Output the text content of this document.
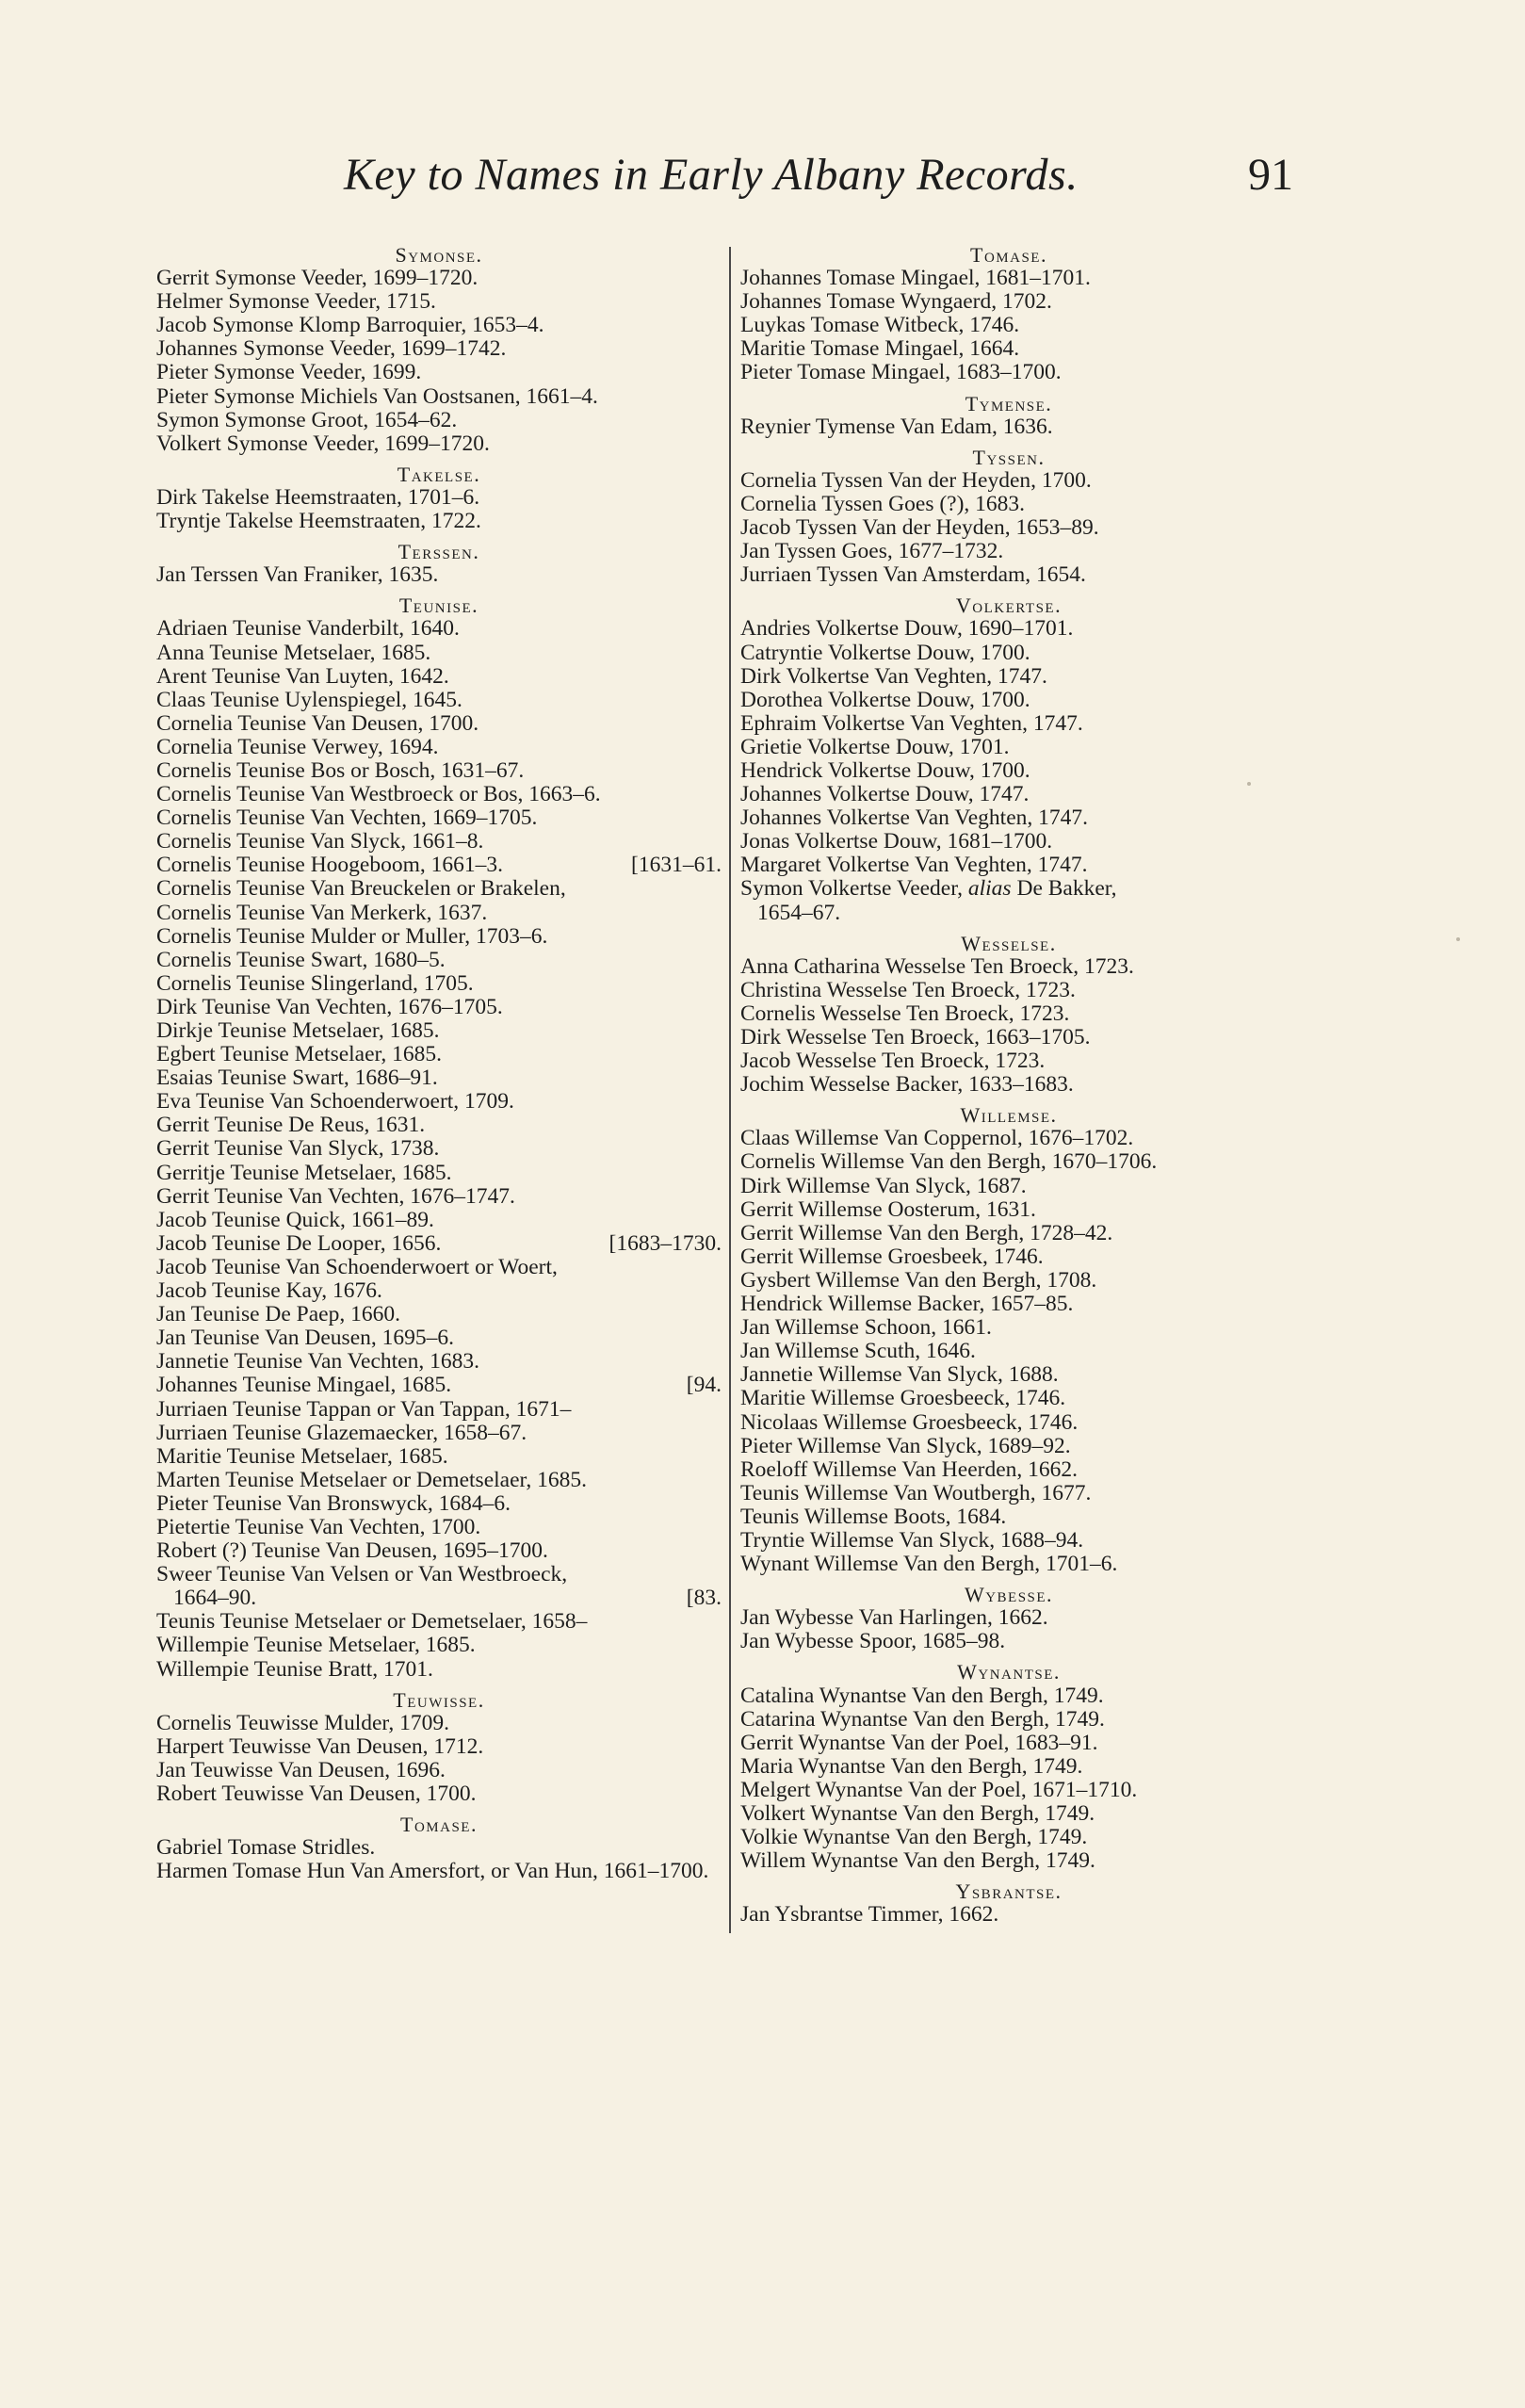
Key to Names in Early Albany Records.	91
Symonse.
Gerrit Symonse Veeder, 1699–1720.
Helmer Symonse Veeder, 1715.
Jacob Symonse Klomp Barroquier, 1653–4.
Johannes Symonse Veeder, 1699–1742.
Pieter Symonse Veeder, 1699.
Pieter Symonse Michiels Van Oostsanen, 1661–4.
Symon Symonse Groot, 1654–62.
Volkert Symonse Veeder, 1699–1720.
Takelse.
Dirk Takelse Heemstraaten, 1701–6.
Tryntje Takelse Heemstraaten, 1722.
Terssen.
Jan Terssen Van Franiker, 1635.
Teunise.
Adriaen Teunise Vanderbilt, 1640.
Anna Teunise Metselaer, 1685.
Arent Teunise Van Luyten, 1642.
Claas Teunise Uylenspiegel, 1645.
Cornelia Teunise Van Deusen, 1700.
Cornelia Teunise Verwey, 1694.
Cornelis Teunise Bos or Bosch, 1631–67.
Cornelis Teunise Van Westbroeck or Bos, 1663–6.
Cornelis Teunise Van Vechten, 1669–1705.
Cornelis Teunise Van Slyck, 1661–8.
[1631–61.
Cornelis Teunise Hoogeboom, 1661–3.
Cornelis Teunise Van Breuckelen or Brakelen,
Cornelis Teunise Van Merkerk, 1637.
Cornelis Teunise Mulder or Muller, 1703–6.
Cornelis Teunise Swart, 1680–5.
Cornelis Teunise Slingerland, 1705.
Dirk Teunise Van Vechten, 1676–1705.
Dirkje Teunise Metselaer, 1685.
Egbert Teunise Metselaer, 1685.
Esaias Teunise Swart, 1686–91.
Eva Teunise Van Schoenderwoert, 1709.
Gerrit Teunise De Reus, 1631.
Gerrit Teunise Van Slyck, 1738.
Gerritje Teunise Metselaer, 1685.
Gerrit Teunise Van Vechten, 1676–1747.
Jacob Teunise Quick, 1661–89.
[1683–1730.
Jacob Teunise De Looper, 1656.
Jacob Teunise Van Schoenderwoert or Woert,
Jacob Teunise Kay, 1676.
Jan Teunise De Paep, 1660.
Jan Teunise Van Deusen, 1695–6.
Jannetie Teunise Van Vechten, 1683.
[94.
Johannes Teunise Mingael, 1685.
Jurriaen Teunise Tappan or Van Tappan, 1671–
Jurriaen Teunise Glazemaecker, 1658–67.
Maritie Teunise Metselaer, 1685.
Marten Teunise Metselaer or Demetselaer, 1685.
Pieter Teunise Van Bronswyck, 1684–6.
Pietertie Teunise Van Vechten, 1700.
Robert (?) Teunise Van Deusen, 1695–1700.
Sweer Teunise Van Velsen or Van Westbroeck,
[83.
1664–90.
Teunis Teunise Metselaer or Demetselaer, 1658–
Willempie Teunise Metselaer, 1685.
Willempie Teunise Bratt, 1701.
Teuwisse.
Cornelis Teuwisse Mulder, 1709.
Harpert Teuwisse Van Deusen, 1712.
Jan Teuwisse Van Deusen, 1696.
Robert Teuwisse Van Deusen, 1700.
Tomase.
Gabriel Tomase Stridles.
Harmen Tomase Hun Van Amersfort, or Van Hun, 1661–1700.
Tomase.
Johannes Tomase Mingael, 1681–1701.
Johannes Tomase Wyngaerd, 1702.
Luykas Tomase Witbeck, 1746.
Maritie Tomase Mingael, 1664.
Pieter Tomase Mingael, 1683–1700.
Tymense.
Reynier Tymense Van Edam, 1636.
Tyssen.
Cornelia Tyssen Van der Heyden, 1700.
Cornelia Tyssen Goes (?), 1683.
Jacob Tyssen Van der Heyden, 1653–89.
Jan Tyssen Goes, 1677–1732.
Jurriaen Tyssen Van Amsterdam, 1654.
Volkertse.
Andries Volkertse Douw, 1690–1701.
Catryntie Volkertse Douw, 1700.
Dirk Volkertse Van Veghten, 1747.
Dorothea Volkertse Douw, 1700.
Ephraim Volkertse Van Veghten, 1747.
Grietie Volkertse Douw, 1701.
Hendrick Volkertse Douw, 1700.
Johannes Volkertse Douw, 1747.
Johannes Volkertse Van Veghten, 1747.
Jonas Volkertse Douw, 1681–1700.
Margaret Volkertse Van Veghten, 1747.
Symon Volkertse Veeder, alias De Bakker,
1654–67.
Wesselse.
Anna Catharina Wesselse Ten Broeck, 1723.
Christina Wesselse Ten Broeck, 1723.
Cornelis Wesselse Ten Broeck, 1723.
Dirk Wesselse Ten Broeck, 1663–1705.
Jacob Wesselse Ten Broeck, 1723.
Jochim Wesselse Backer, 1633–1683.
Willemse.
Claas Willemse Van Coppernol, 1676–1702.
Cornelis Willemse Van den Bergh, 1670–1706.
Dirk Willemse Van Slyck, 1687.
Gerrit Willemse Oosterum, 1631.
Gerrit Willemse Van den Bergh, 1728–42.
Gerrit Willemse Groesbeek, 1746.
Gysbert Willemse Van den Bergh, 1708.
Hendrick Willemse Backer, 1657–85.
Jan Willemse Schoon, 1661.
Jan Willemse Scuth, 1646.
Jannetie Willemse Van Slyck, 1688.
Maritie Willemse Groesbeeck, 1746.
Nicolaas Willemse Groesbeeck, 1746.
Pieter Willemse Van Slyck, 1689–92.
Roeloff Willemse Van Heerden, 1662.
Teunis Willemse Van Woutbergh, 1677.
Teunis Willemse Boots, 1684.
Tryntie Willemse Van Slyck, 1688–94.
Wynant Willemse Van den Bergh, 1701–6.
Wybesse.
Jan Wybesse Van Harlingen, 1662.
Jan Wybesse Spoor, 1685–98.
Wynantse.
Catalina Wynantse Van den Bergh, 1749.
Catarina Wynantse Van den Bergh, 1749.
Gerrit Wynantse Van der Poel, 1683–91.
Maria Wynantse Van den Bergh, 1749.
Melgert Wynantse Van der Poel, 1671–1710.
Volkert Wynantse Van den Bergh, 1749.
Volkie Wynantse Van den Bergh, 1749.
Willem Wynantse Van den Bergh, 1749.
Ysbrantse.
Jan Ysbrantse Timmer, 1662.
